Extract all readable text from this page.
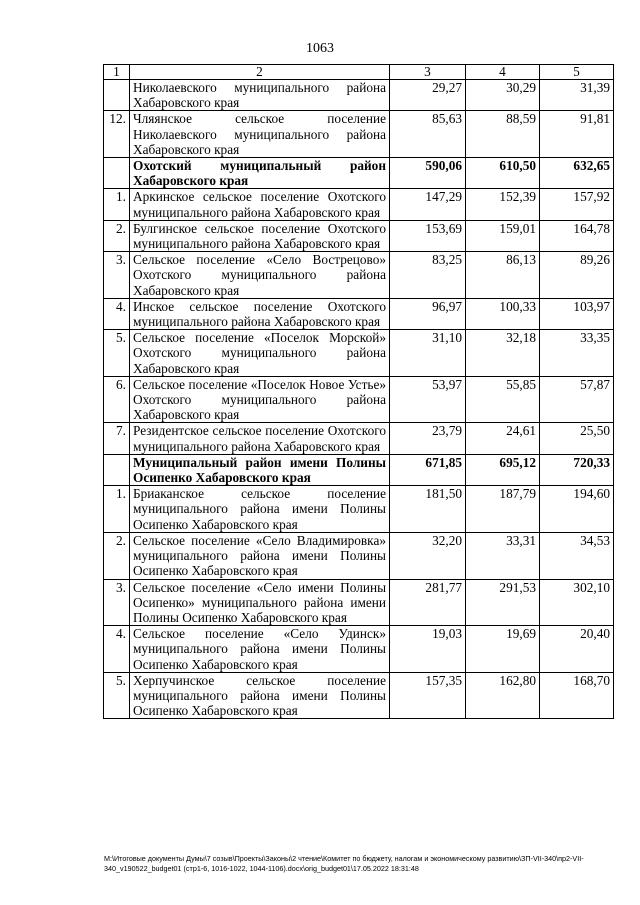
1063
1	2	3	4	5
	Николаевского муниципального района Хабаровского края	29,27	30,29	31,39
12.	Чляянское сельское поселение Николаевского муниципального района Хабаровского края	85,63	88,59	91,81
	Охотский муниципальный район Хабаровского края	590,06	610,50	632,65
1.	Аркинское сельское поселение Охотского муниципального района Хабаровского края	147,29	152,39	157,92
2.	Булгинское сельское поселение Охотского муниципального района Хабаровского края	153,69	159,01	164,78
3.	Сельское поселение «Село Вострецово» Охотского муниципального района Хабаровского края	83,25	86,13	89,26
4.	Инское сельское поселение Охотского муниципального района Хабаровского края	96,97	100,33	103,97
5.	Сельское поселение «Поселок Морской» Охотского муниципального района Хабаровского края	31,10	32,18	33,35
6.	Сельское поселение «Поселок Новое Устье» Охотского муниципального района Хабаровского края	53,97	55,85	57,87
7.	Резидентское сельское поселение Охотского муниципального района Хабаровского края	23,79	24,61	25,50
	Муниципальный район имени Полины Осипенко Хабаровского края	671,85	695,12	720,33
1.	Бриаканское сельское поселение муниципального района имени Полины Осипенко Хабаровского края	181,50	187,79	194,60
2.	Сельское поселение «Село Владимировка» муниципального района имени Полины Осипенко Хабаровского края	32,20	33,31	34,53
3.	Сельское поселение «Село имени Полины Осипенко» муниципального района имени Полины Осипенко Хабаровского края	281,77	291,53	302,10
4.	Сельское поселение «Село Удинск» муниципального района имени Полины Осипенко Хабаровского края	19,03	19,69	20,40
5.	Херпучинское сельское поселение муниципального района имени Полины Осипенко Хабаровского края	157,35	162,80	168,70
M:\Итоговые документы Думы\7 созыв\Проекты\Законы\2 чтение\Комитет по бюджету, налогам и экономическому развитию\ЗП-VII-340\пр2-VII-340_v190522_budget01 (стр1-6, 1016-1022, 1044-1106).docx\orig_budget01\17.05.2022 18:31:48
